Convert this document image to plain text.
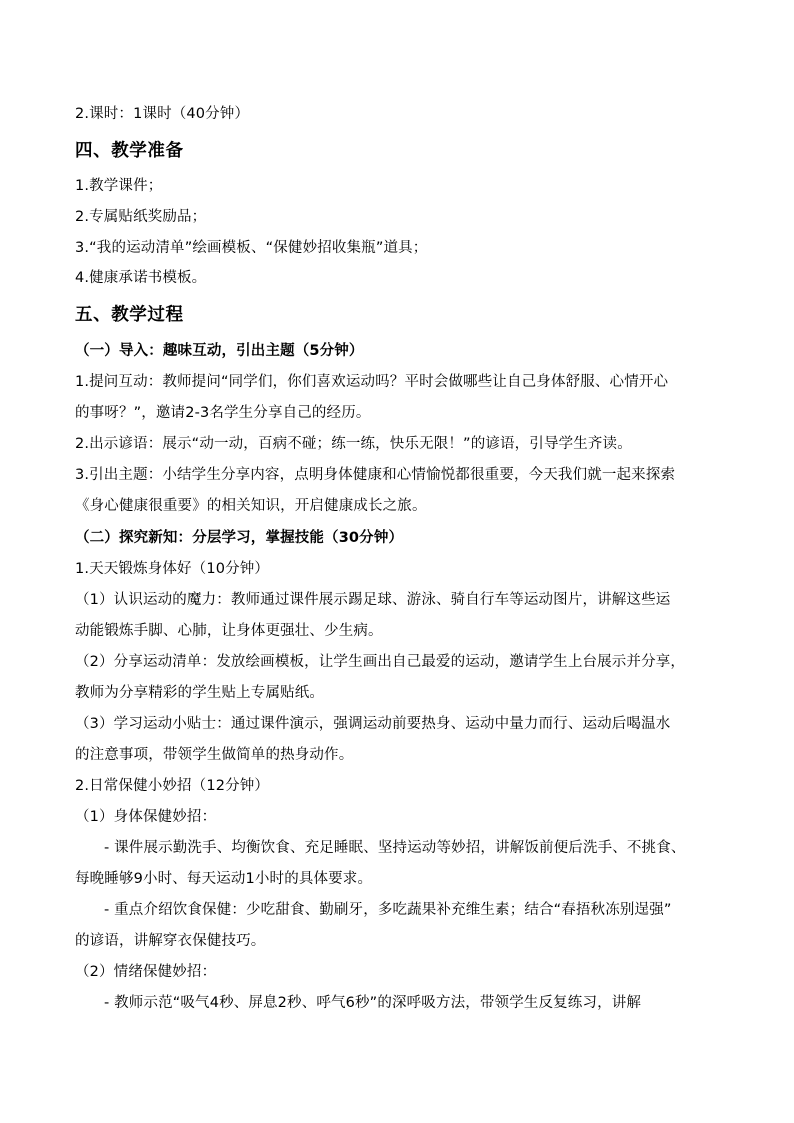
2.课时：1课时（40分钟）
四、教学准备
1.教学课件；
2.专属贴纸奖励品；
3.“我的运动清单”绘画模板、“保健妙招收集瓶”道具；
4.健康承诺书模板。
五、教学过程
（一）导入：趣味互动，引出主题（5分钟）
1.提问互动：教师提问“同学们，你们喜欢运动吗？平时会做哪些让自己身体舒服、心情开心
的事呀？”，邀请2-3名学生分享自己的经历。
2.出示谚语：展示“动一动，百病不碰；练一练，快乐无限！”的谚语，引导学生齐读。
3.引出主题：小结学生分享内容，点明身体健康和心情愉悦都很重要，今天我们就一起来探索
《身心健康很重要》的相关知识，开启健康成长之旅。
（二）探究新知：分层学习，掌握技能（30分钟）
1.天天锻炼身体好（10分钟）
（1）认识运动的魔力：教师通过课件展示踢足球、游泳、骑自行车等运动图片，讲解这些运
动能锻炼手脚、心肺，让身体更强壮、少生病。
（2）分享运动清单：发放绘画模板，让学生画出自己最爱的运动，邀请学生上台展示并分享，
教师为分享精彩的学生贴上专属贴纸。
（3）学习运动小贴士：通过课件演示，强调运动前要热身、运动中量力而行、运动后喝温水
的注意事项，带领学生做简单的热身动作。
2.日常保健小妙招（12分钟）
（1）身体保健妙招：
- 课件展示勤洗手、均衡饮食、充足睡眠、坚持运动等妙招，讲解饭前便后洗手、不挑食、
每晚睡够9小时、每天运动1小时的具体要求。
- 重点介绍饮食保健：少吃甜食、勤刷牙，多吃蔬果补充维生素；结合“春捂秋冻别逞强”
的谚语，讲解穿衣保健技巧。
（2）情绪保健妙招：
- 教师示范“吸气4秒、屏息2秒、呼气6秒”的深呼吸方法，带领学生反复练习，讲解
